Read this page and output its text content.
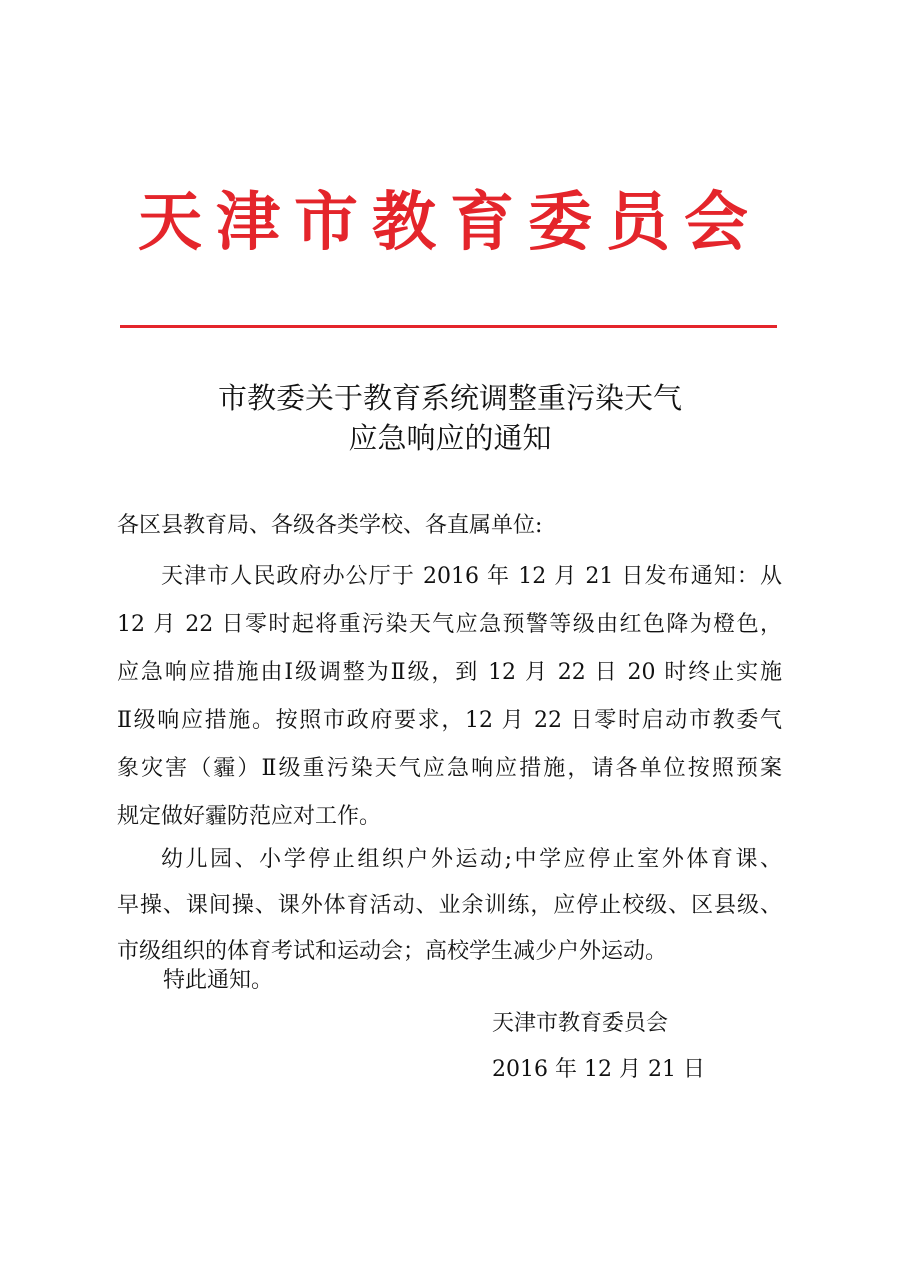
天津市教育委员会
市教委关于教育系统调整重污染天气
应急响应的通知
各区县教育局、各级各类学校、各直属单位:
天津市人民政府办公厅于 2016 年 12 月 21 日发布通知：从
12 月 22 日零时起将重污染天气应急预警等级由红色降为橙色，
应急响应措施由Ⅰ级调整为Ⅱ级，到 12 月 22 日 20 时终止实施
Ⅱ级响应措施。按照市政府要求，12 月 22 日零时启动市教委气
象灾害（霾）Ⅱ级重污染天气应急响应措施，请各单位按照预案
规定做好霾防范应对工作。
幼儿园、小学停止组织户外运动;中学应停止室外体育课、
早操、课间操、课外体育活动、业余训练，应停止校级、区县级、
市级组织的体育考试和运动会；高校学生减少户外运动。
特此通知。
天津市教育委员会
2016 年 12 月 21 日
